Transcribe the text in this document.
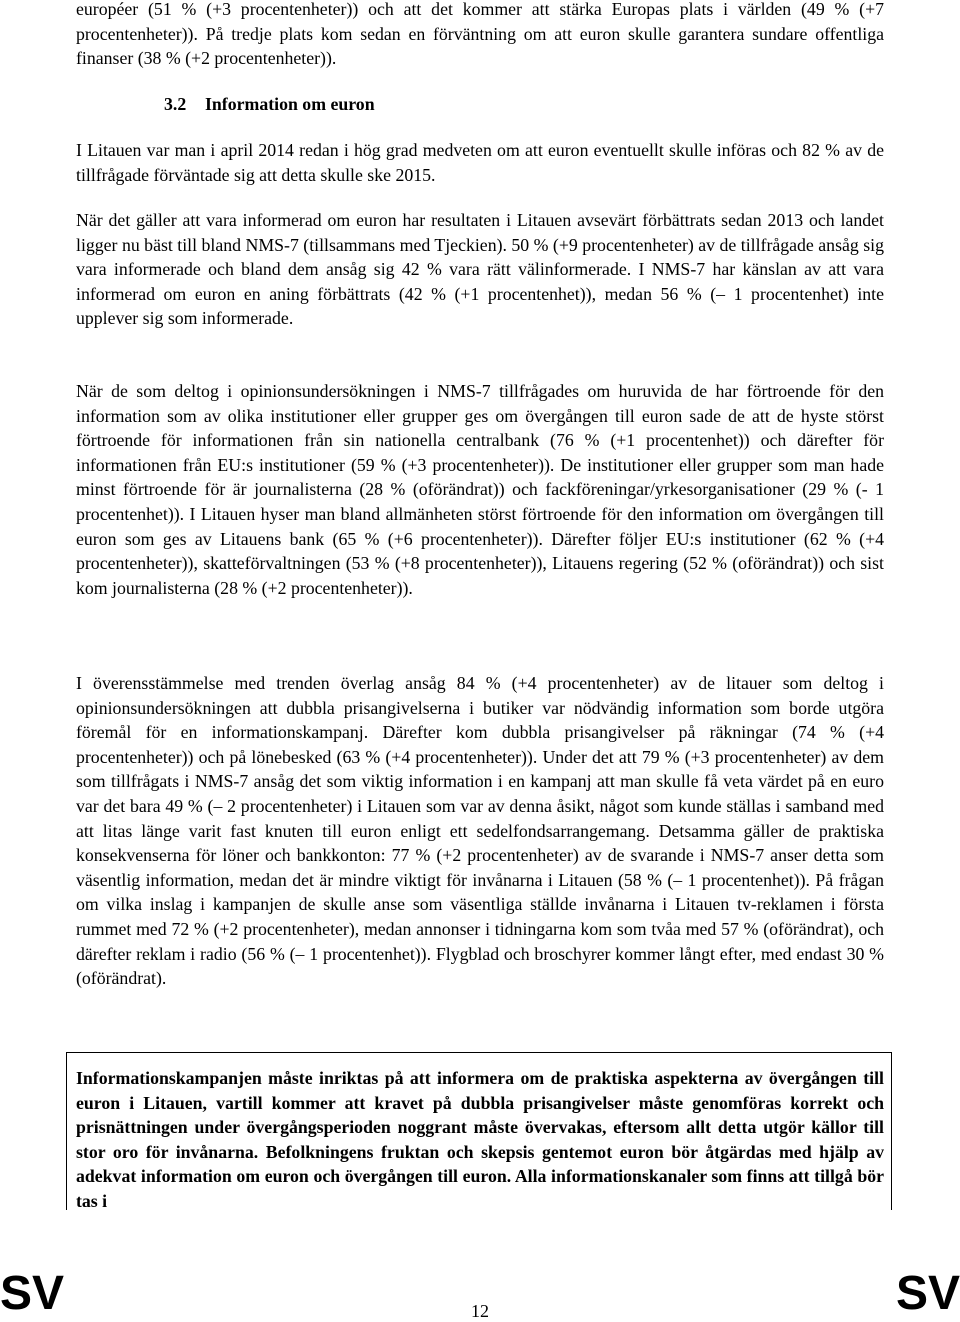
européer (51 % (+3 procentenheter)) och att det kommer att stärka Europas plats i världen (49 % (+7 procentenheter)). På tredje plats kom sedan en förväntning om att euron skulle garantera sundare offentliga finanser (38 % (+2 procentenheter)).

3.2 Information om euron

I Litauen var man i april 2014 redan i hög grad medveten om att euron eventuellt skulle införas och 82 % av de tillfrågade förväntade sig att detta skulle ske 2015.

När det gäller att vara informerad om euron har resultaten i Litauen avsevärt förbättrats sedan 2013 och landet ligger nu bäst till bland NMS-7 (tillsammans med Tjeckien). 50 % (+9 procentenheter) av de tillfrågade ansåg sig vara informerade och bland dem ansåg sig 42 % vara rätt välinformerade. I NMS-7 har känslan av att vara informerad om euron en aning förbättrats (42 % (+1 procentenhet)), medan 56 % (– 1 procentenhet) inte upplever sig som informerade.

När de som deltog i opinionsundersökningen i NMS-7 tillfrågades om huruvida de har förtroende för den information som av olika institutioner eller grupper ges om övergången till euron sade de att de hyste störst förtroende för informationen från sin nationella centralbank (76 % (+1 procentenhet)) och därefter för informationen från EU:s institutioner (59 % (+3 procentenheter)). De institutioner eller grupper som man hade minst förtroende för är journalisterna (28 % (oförändrat)) och fackföreningar/yrkesorganisationer (29 % (- 1 procentenhet)). I Litauen hyser man bland allmänheten störst förtroende för den information om övergången till euron som ges av Litauens bank (65 % (+6 procentenheter)). Därefter följer EU:s institutioner (62 % (+4 procentenheter)), skatteförvaltningen (53 % (+8 procentenheter)), Litauens regering (52 % (oförändrat)) och sist kom journalisterna (28 % (+2 procentenheter)).

I överensstämmelse med trenden överlag ansåg 84 % (+4 procentenheter) av de litauer som deltog i opinionsundersökningen att dubbla prisangivelserna i butiker var nödvändig information som borde utgöra föremål för en informationskampanj. Därefter kom dubbla prisangivelser på räkningar (74 % (+4 procentenheter)) och på lönebesked (63 % (+4 procentenheter)). Under det att 79 % (+3 procentenheter) av dem som tillfrågats i NMS-7 ansåg det som viktig information i en kampanj att man skulle få veta värdet på en euro var det bara 49 % (– 2 procentenheter) i Litauen som var av denna åsikt, något som kunde ställas i samband med att litas länge varit fast knuten till euron enligt ett sedelfondsarrangemang. Detsamma gäller de praktiska konsekvenserna för löner och bankkonton: 77 % (+2 procentenheter) av de svarande i NMS-7 anser detta som väsentlig information, medan det är mindre viktigt för invånarna i Litauen (58 % (– 1 procentenhet)). På frågan om vilka inslag i kampanjen de skulle anse som väsentliga ställde invånarna i Litauen tv-reklamen i första rummet med 72 % (+2 procentenheter), medan annonser i tidningarna kom som tvåa med 57 % (oförändrat), och därefter reklam i radio (56 % (– 1 procentenhet)). Flygblad och broschyrer kommer långt efter, med endast 30 % (oförändrat).

Informationskampanjen måste inriktas på att informera om de praktiska aspekterna av övergången till euron i Litauen, vartill kommer att kravet på dubbla prisangivelser måste genomföras korrekt och prisnättningen under övergångsperioden noggrant måste övervakas, eftersom allt detta utgör källor till stor oro för invånarna. Befolkningens fruktan och skepsis gentemot euron bör åtgärdas med hjälp av adekvat information om euron och övergången till euron. Alla informationskanaler som finns att tillgå bör tas i

SV	12	SV
